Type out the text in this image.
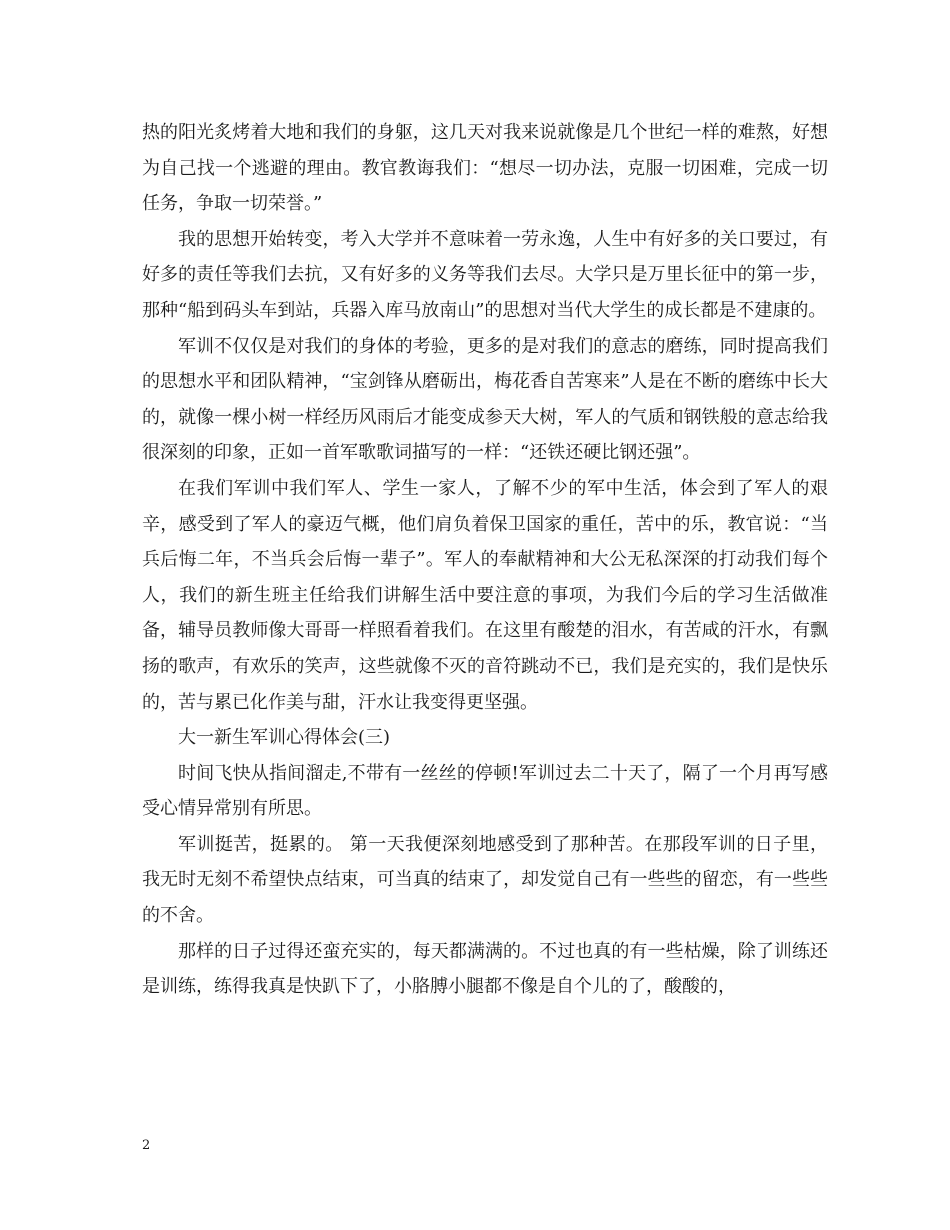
热的阳光炙烤着大地和我们的身躯，这几天对我来说就像是几个世纪一样的难熬，好想为自己找一个逃避的理由。教官教诲我们：“想尽一切办法，克服一切困难，完成一切任务，争取一切荣誉。”

我的思想开始转变，考入大学并不意味着一劳永逸，人生中有好多的关口要过，有好多的责任等我们去抗，又有好多的义务等我们去尽。大学只是万里长征中的第一步，那种“船到码头车到站，兵器入库马放南山”的思想对当代大学生的成长都是不建康的。

军训不仅仅是对我们的身体的考验，更多的是对我们的意志的磨练，同时提高我们的思想水平和团队精神，“宝剑锋从磨砺出，梅花香自苦寒来”人是在不断的磨练中长大的，就像一棵小树一样经历风雨后才能变成参天大树，军人的气质和钢铁般的意志给我很深刻的印象，正如一首军歌歌词描写的一样：“还铁还硬比钢还强”。

在我们军训中我们军人、学生一家人，了解不少的军中生活，体会到了军人的艰辛，感受到了军人的豪迈气概，他们肩负着保卫国家的重任，苦中的乐，教官说：“当兵后悔二年，不当兵会后悔一辈子”。军人的奉献精神和大公无私深深的打动我们每个人，我们的新生班主任给我们讲解生活中要注意的事项，为我们今后的学习生活做准备，辅导员教师像大哥哥一样照看着我们。在这里有酸楚的泪水，有苦咸的汗水，有飘扬的歌声，有欢乐的笑声，这些就像不灭的音符跳动不已，我们是充实的，我们是快乐的，苦与累已化作美与甜，汗水让我变得更坚强。

大一新生军训心得体会(三)

时间飞快从指间溜走,不带有一丝丝的停顿!军训过去二十天了，隔了一个月再写感受心情异常别有所思。

军训挺苦，挺累的。 第一天我便深刻地感受到了那种苦。在那段军训的日子里，我无时无刻不希望快点结束，可当真的结束了，却发觉自己有一些些的留恋，有一些些的不舍。

那样的日子过得还蛮充实的，每天都满满的。不过也真的有一些枯燥，除了训练还是训练，练得我真是快趴下了，小胳膊小腿都不像是自个儿的了，酸酸的，

2
